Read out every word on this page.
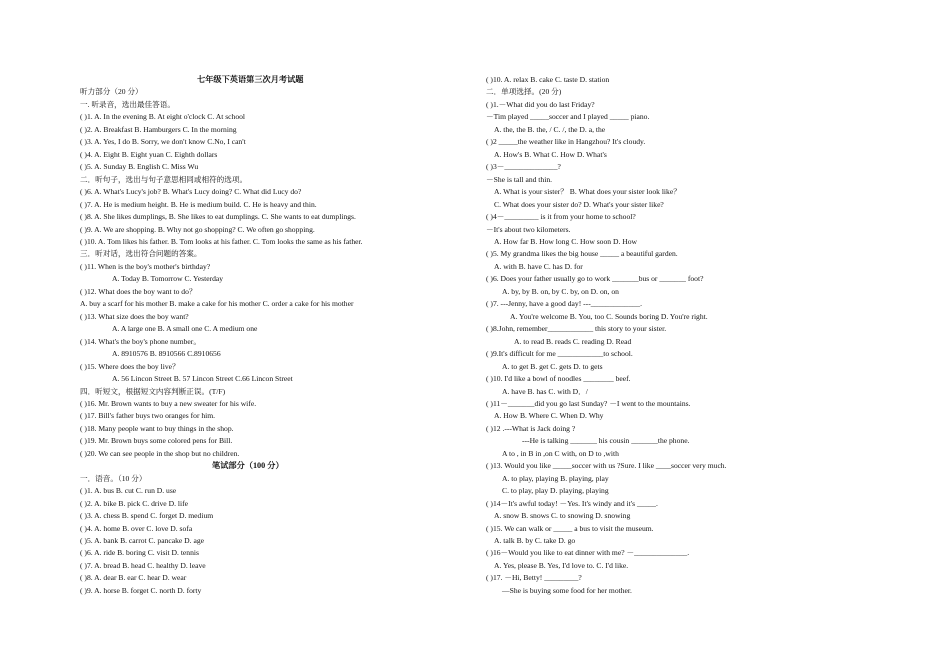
七年级下英语第三次月考试题
听力部分（20 分）
一. 听录音，选出最佳答语。
( )1. A. In the evening B. At eight o'clock C. At school
( )2. A. Breakfast B. Hamburgers C. In the morning
( )3. A. Yes, I do B. Sorry, we don't know C.No, I can't
( )4. A. Eight B. Eight yuan C. Eighth dollars
( )5. A. Sunday B. English C. Miss Wu
二．听句子，选出与句子意思相同或相符的选项。
( )6. A. What's Lucy's job? B. What's Lucy doing? C. What did Lucy do?
( )7. A. He is medium height. B. He is medium build. C. He is heavy and thin.
( )8. A. She likes dumplings, B. She likes to eat dumplings. C. She wants to eat dumplings.
( )9. A. We are shopping. B. Why not go shopping? C. We often go shopping.
( )10. A. Tom likes his father. B. Tom looks at his father. C. Tom looks the same as his father.
三．听对话，选出符合问题的答案。
( )11. When is the boy's mother's birthday?
A. Today B. Tomorrow C. Yesterday
( )12. What does the boy want to do？
A. buy a scarf for his mother B. make a cake for his mother C. order a cake for his mother
( )13. What size does the boy want?
A. A large one B. A small one C. A medium one
( )14. What's the boy's phone number。
A. 8910576 B. 8910566 C.8910656
( )15. Where does the boy live？
A. 56 Lincon Street B. 57 Lincon Street C.66 Lincon Street
四．听短文，根据短文内容判断正误。(T/F)
( )16. Mr. Brown wants to buy a new sweater for his wife.
( )17. Bill's father buys two oranges for him.
( )18. Many people want to buy things in the shop.
( )19. Mr. Brown buys some colored pens for Bill.
( )20. We can see people in the shop but no children.
笔试部分（100 分）
一．语音。（10 分）
( )1. A. bus B. cut C. run D. use
( )2. A. bike B. pick C. drive D. life
( )3. A. chess B. spend C. forget D. medium
( )4. A. home B. over C. love D. sofa
( )5. A. bank B. carrot C. pancake D. age
( )6. A. ride B. boring C. visit D. tennis
( )7. A. bread B. head C. healthy D. leave
( )8. A. dear B. ear C. hear D. wear
( )9. A. horse B. forget C. north D. forty
( )10. A. relax B. cake C. taste D. station
二．单项选择。(20 分)
( )1.－What did you do last Friday?
－Tim played _____soccer and I played _____ piano.
A. the, the B. the, / C. /, the D. a, the
( )2 _____the weather like in Hangzhou? It's cloudy.
A. How's B. What C. How D. What's
( )3－______________?
－She is tall and thin.
A. What is your sister？ B. What does your sister look like？
C. What does your sister do? D. What's your sister like?
( )4－_________ is it from your home to school?
－It's about two kilometers.
A. How far B. How long C. How soon D. How
( )5. My grandma likes the big house _____ a beautiful garden.
A. with B. have C. has D. for
( )6. Does your father usually go to work _______bus or _______ foot?
A. by, by B. on, by C. by, on D. on, on
( )7. ---Jenny, have a good day! ---_____________.
A. You're welcome B. You, too C. Sounds boring D. You're right.
( )8.John, remember____________ this story to your sister.
A. to read B. reads C. reading D. Read
( )9.It's difficult for me ____________to school.
A. to get B. get C. gets D. to gets
( )10. I'd like a bowl of noodles ________ beef.
A. have B. has C. with D．/
( )11－_______did you go last Sunday? －I went to the mountains.
A. How B. Where C. When D. Why
( )12 .---What is Jack doing ?
---He is talking _______ his cousin _______the phone.
A to , in B in ,on C with, on D to ,with
( )13. Would you like _____soccer with us ?Sure. I like ____soccer very much.
A. to play, playing B. playing, play
C. to play, play D. playing, playing
( )14－It's awful today! －Yes. It's windy and it's _____.
A. snow B. snows C. to snowing D. snowing
( )15. We can walk or _____ a bus to visit the museum.
A. talk B. by C. take D. go
( )16－Would you like to eat dinner with me? －______________.
A. Yes, please B. Yes, I'd love to. C. I'd like.
( )17. －Hi, Betty! _________?
—She is buying some food for her mother.
